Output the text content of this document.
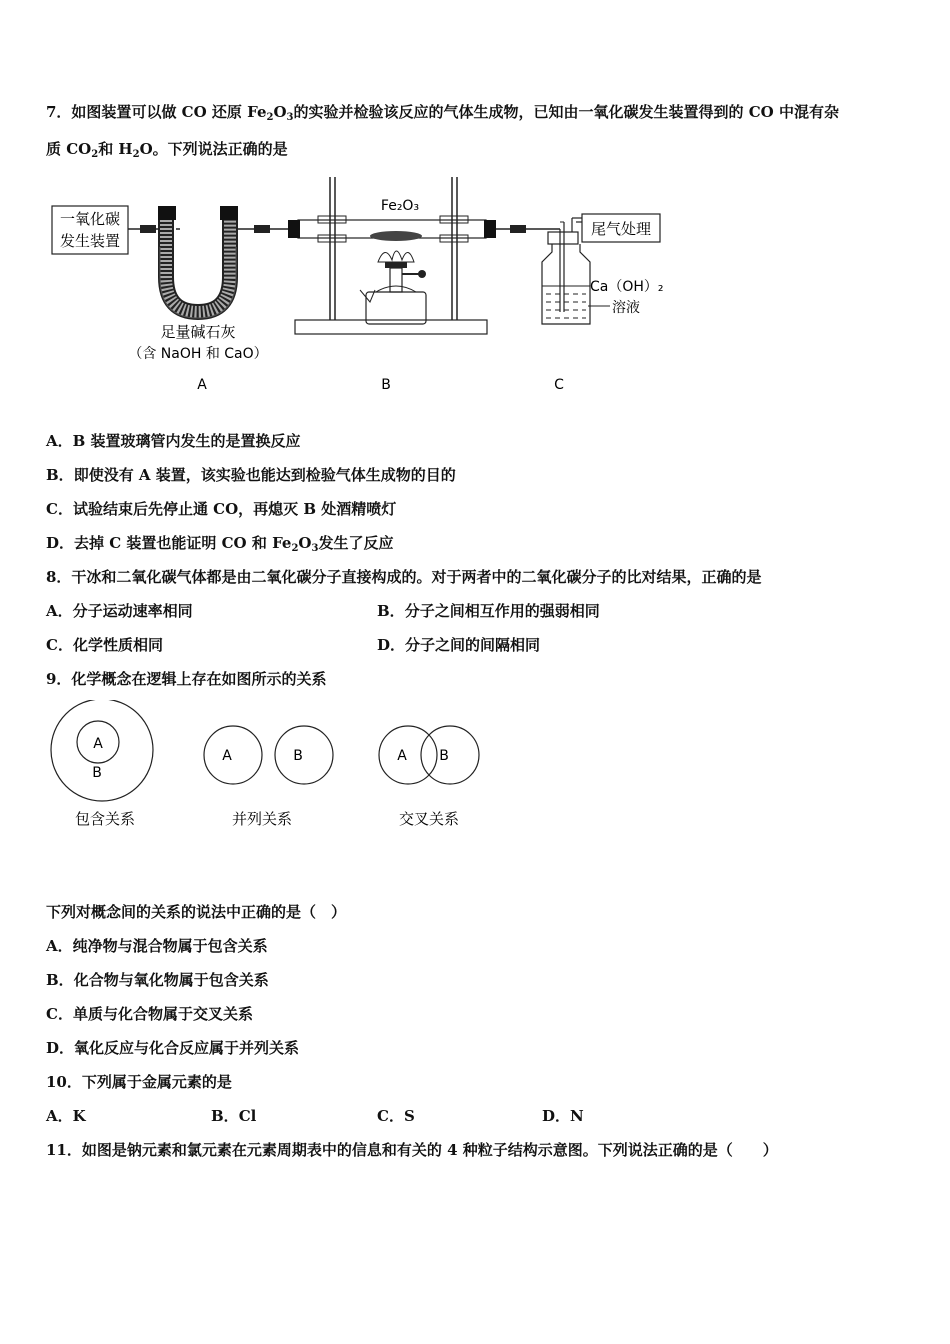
7．如图装置可以做 CO 还原 $Fe_2O_3$的实验并检验该反应的气体生成物，已知由一氧化碳发生装置得到的 CO 中混有杂
质 $CO_2$和 $H_2O$。下列说法正确的是
一氧化碳
发生装置
足量碱石灰
（含 NaOH 和 CaO）
Fe₂O₃
尾气处理
Ca（OH）₂
溶液
A	B	C
A．B 装置玻璃管内发生的是置换反应
B．即使没有 A 装置，该实验也能达到检验气体生成物的目的
C．试验结束后先停止通 CO，再熄灭 B 处酒精喷灯
D．去掉 C 装置也能证明 CO 和 $Fe_2O_3$发生了反应
8．干冰和二氧化碳气体都是由二氧化碳分子直接构成的。对于两者中的二氧化碳分子的比对结果，正确的是
A．分子运动速率相同	B．分子之间相互作用的强弱相同
C．化学性质相同	D．分子之间的间隔相同
9．化学概念在逻辑上存在如图所示的关系
A
B
包含关系
A	B
并列关系
A B
交叉关系
下列对概念间的关系的说法中正确的是（　）
A．纯净物与混合物属于包含关系
B．化合物与氧化物属于包含关系
C．单质与化合物属于交叉关系
D．氧化反应与化合反应属于并列关系
10．下列属于金属元素的是
A．K	B．Cl	C．S	D．N
11．如图是钠元素和氯元素在元素周期表中的信息和有关的 4 种粒子结构示意图。下列说法正确的是（　　）
